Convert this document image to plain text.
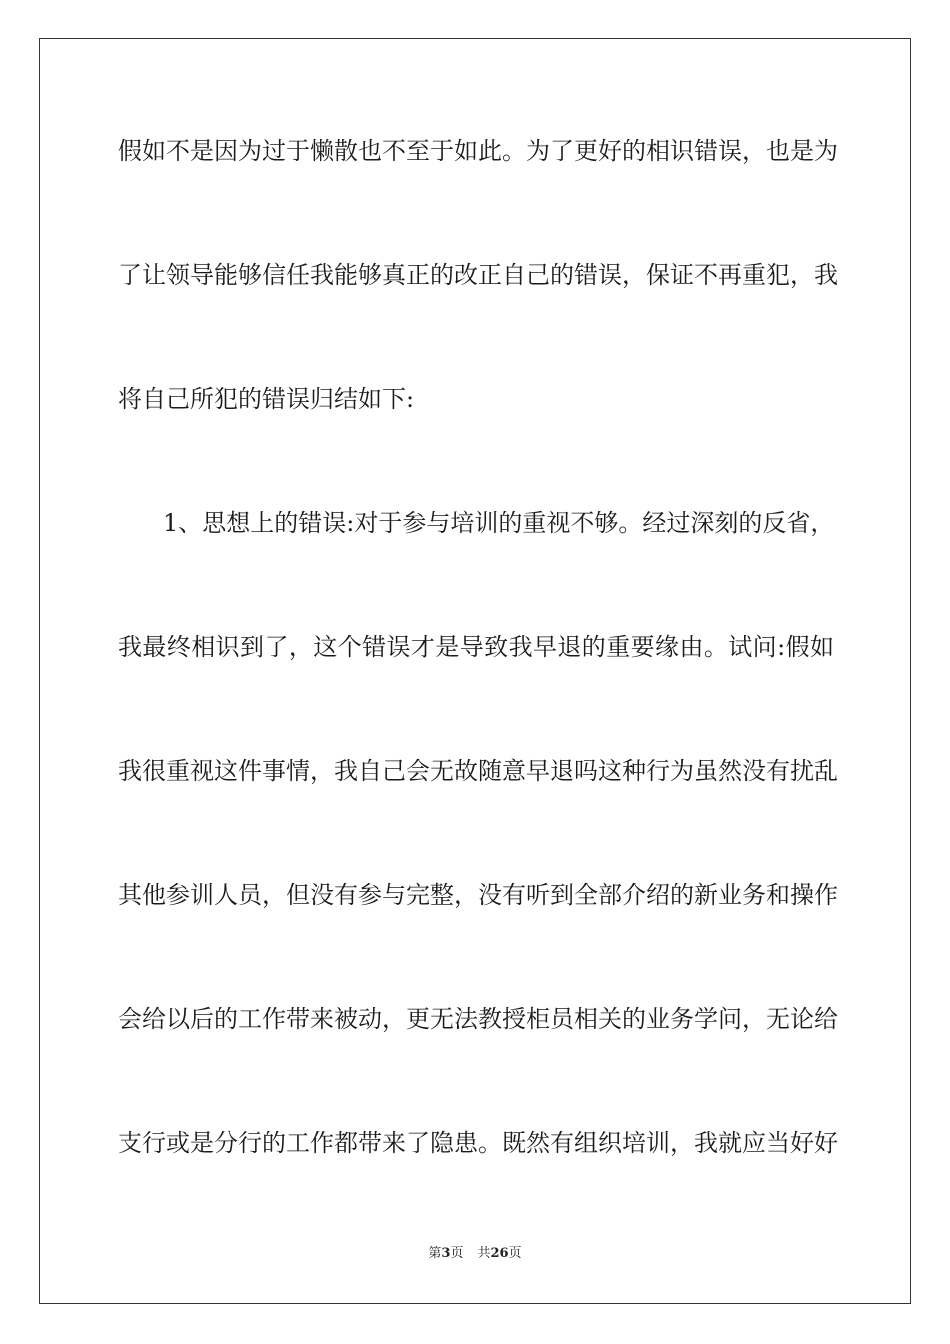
假如不是因为过于懒散也不至于如此。为了更好的相识错误，也是为
了让领导能够信任我能够真正的改正自己的错误，保证不再重犯，我
将自己所犯的错误归结如下:
1、思想上的错误:对于参与培训的重视不够。经过深刻的反省，
我最终相识到了，这个错误才是导致我早退的重要缘由。试问:假如
我很重视这件事情，我自己会无故随意早退吗这种行为虽然没有扰乱
其他参训人员，但没有参与完整，没有听到全部介绍的新业务和操作
会给以后的工作带来被动，更无法教授柜员相关的业务学问，无论给
支行或是分行的工作都带来了隐患。既然有组织培训，我就应当好好
第3页 共26页
